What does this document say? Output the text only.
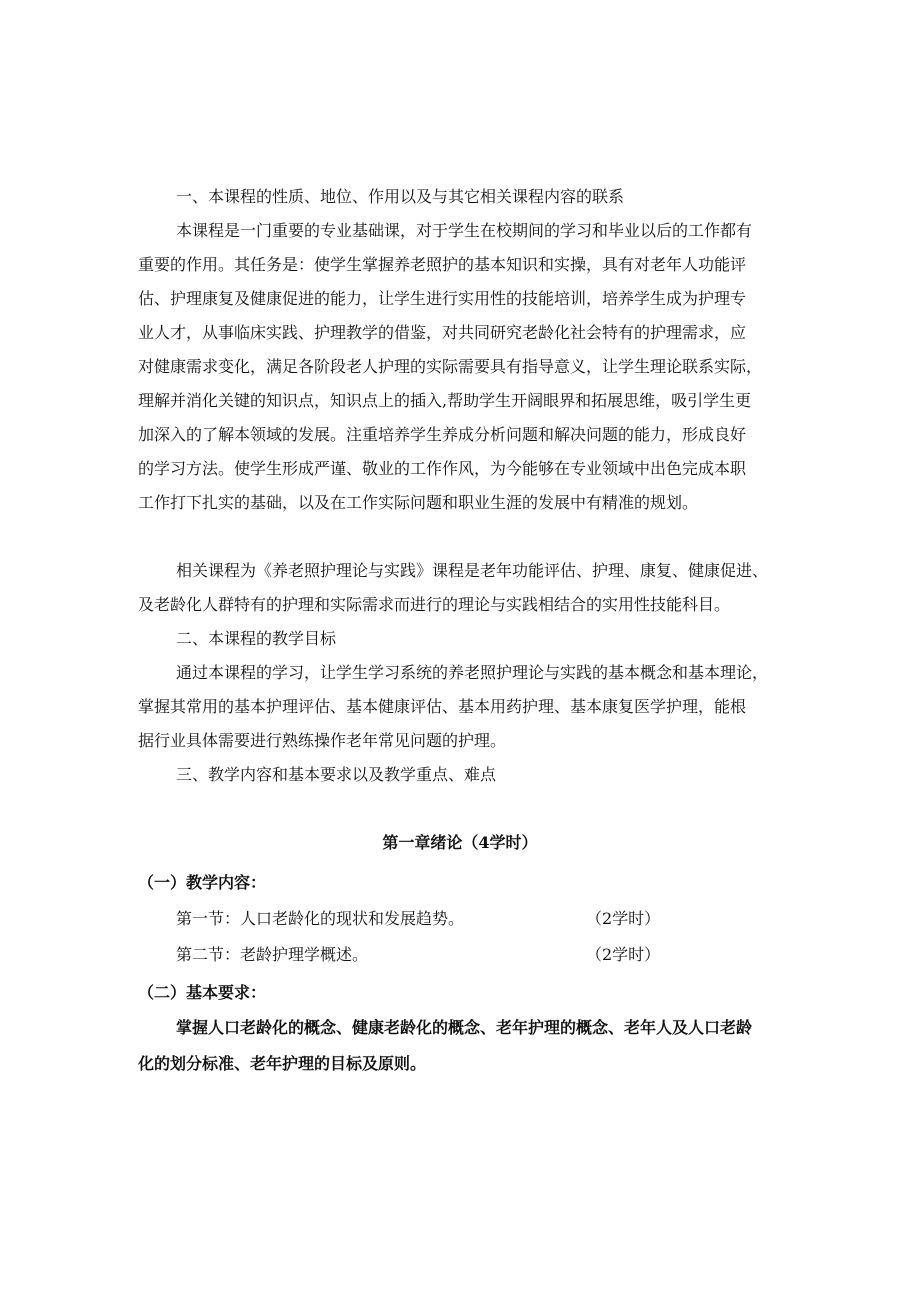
一、本课程的性质、地位、作用以及与其它相关课程内容的联系
本课程是一门重要的专业基础课，对于学生在校期间的学习和毕业以后的工作都有
重要的作用。其任务是：使学生掌握养老照护的基本知识和实操，具有对老年人功能评
估、护理康复及健康促进的能力，让学生进行实用性的技能培训，培养学生成为护理专
业人才，从事临床实践、护理教学的借鉴，对共同研究老龄化社会特有的护理需求，应
对健康需求变化，满足各阶段老人护理的实际需要具有指导意义，让学生理论联系实际，
理解并消化关键的知识点，知识点上的插入,帮助学生开阔眼界和拓展思维，吸引学生更
加深入的了解本领域的发展。注重培养学生养成分析问题和解决问题的能力，形成良好
的学习方法。使学生形成严谨、敬业的工作作风，为今能够在专业领域中出色完成本职
工作打下扎实的基础，以及在工作实际问题和职业生涯的发展中有精准的规划。
相关课程为《养老照护理论与实践》课程是老年功能评估、护理、康复、健康促进、
及老龄化人群特有的护理和实际需求而进行的理论与实践相结合的实用性技能科目。
二、本课程的教学目标
通过本课程的学习，让学生学习系统的养老照护理论与实践的基本概念和基本理论，
掌握其常用的基本护理评估、基本健康评估、基本用药护理、基本康复医学护理，能根
据行业具体需要进行熟练操作老年常见问题的护理。
三、教学内容和基本要求以及教学重点、难点
第一章绪论（4学时）
（一）教学内容：
第一节：人口老龄化的现状和发展趋势。	（2学时）
第二节：老龄护理学概述。	（2学时）
（二）基本要求：
掌握人口老龄化的概念、健康老龄化的概念、老年护理的概念、老年人及人口老龄
化的划分标准、老年护理的目标及原则。
